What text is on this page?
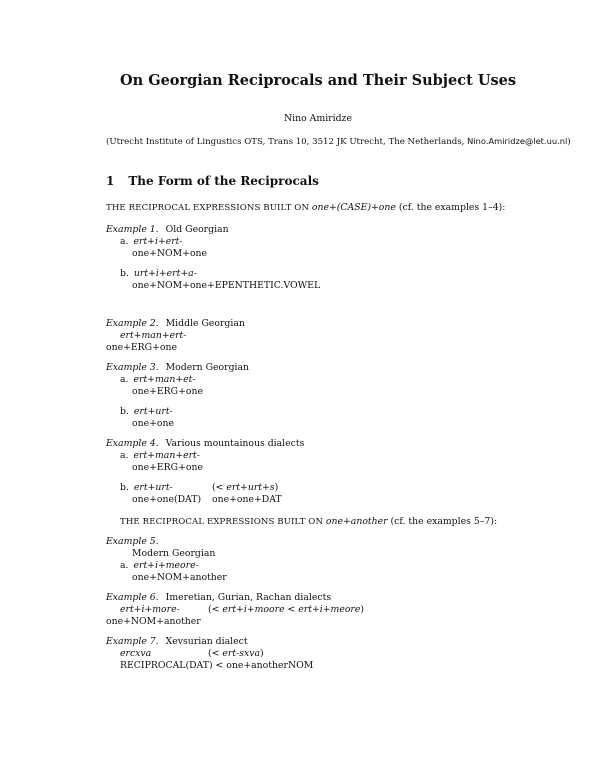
On Georgian Reciprocals and Their Subject Uses
Nino Amiridze
(Utrecht Institute of Lingustics OTS, Trans 10, 3512 JK Utrecht, The Netherlands, Nino.Amiridze@let.uu.nl)
1 The Form of the Reciprocals
THE RECIPROCAL EXPRESSIONS BUILT ON one+(CASE)+one (cf. the examples 1–4):
Example 1. Old Georgian
a. ert+i+ert-
one+NOM+one
b. urt+i+ert+a-
one+NOM+one+EPENTHETIC.VOWEL
Example 2. Middle Georgian
ert+man+ert-
one+ERG+one
Example 3. Modern Georgian
a. ert+man+et-
one+ERG+one
b. ert+urt-
one+one
Example 4. Various mountainous dialects
a. ert+man+ert-
one+ERG+one
b. ert+urt-	(< ert+urt+s)
one+one(DAT) one+one+DAT
THE RECIPROCAL EXPRESSIONS BUILT ON one+another (cf. the examples 5–7):
Example 5.
Modern Georgian
a. ert+i+meore-
one+NOM+another
Example 6. Imeretian, Gurian, Rachan dialects
ert+i+more-	(< ert+i+moore < ert+i+meore)
one+NOM+another
Example 7. Xevsurian dialect
ercxva	(< ert-sxva)
RECIPROCAL(DAT) < one+anotherNOM
